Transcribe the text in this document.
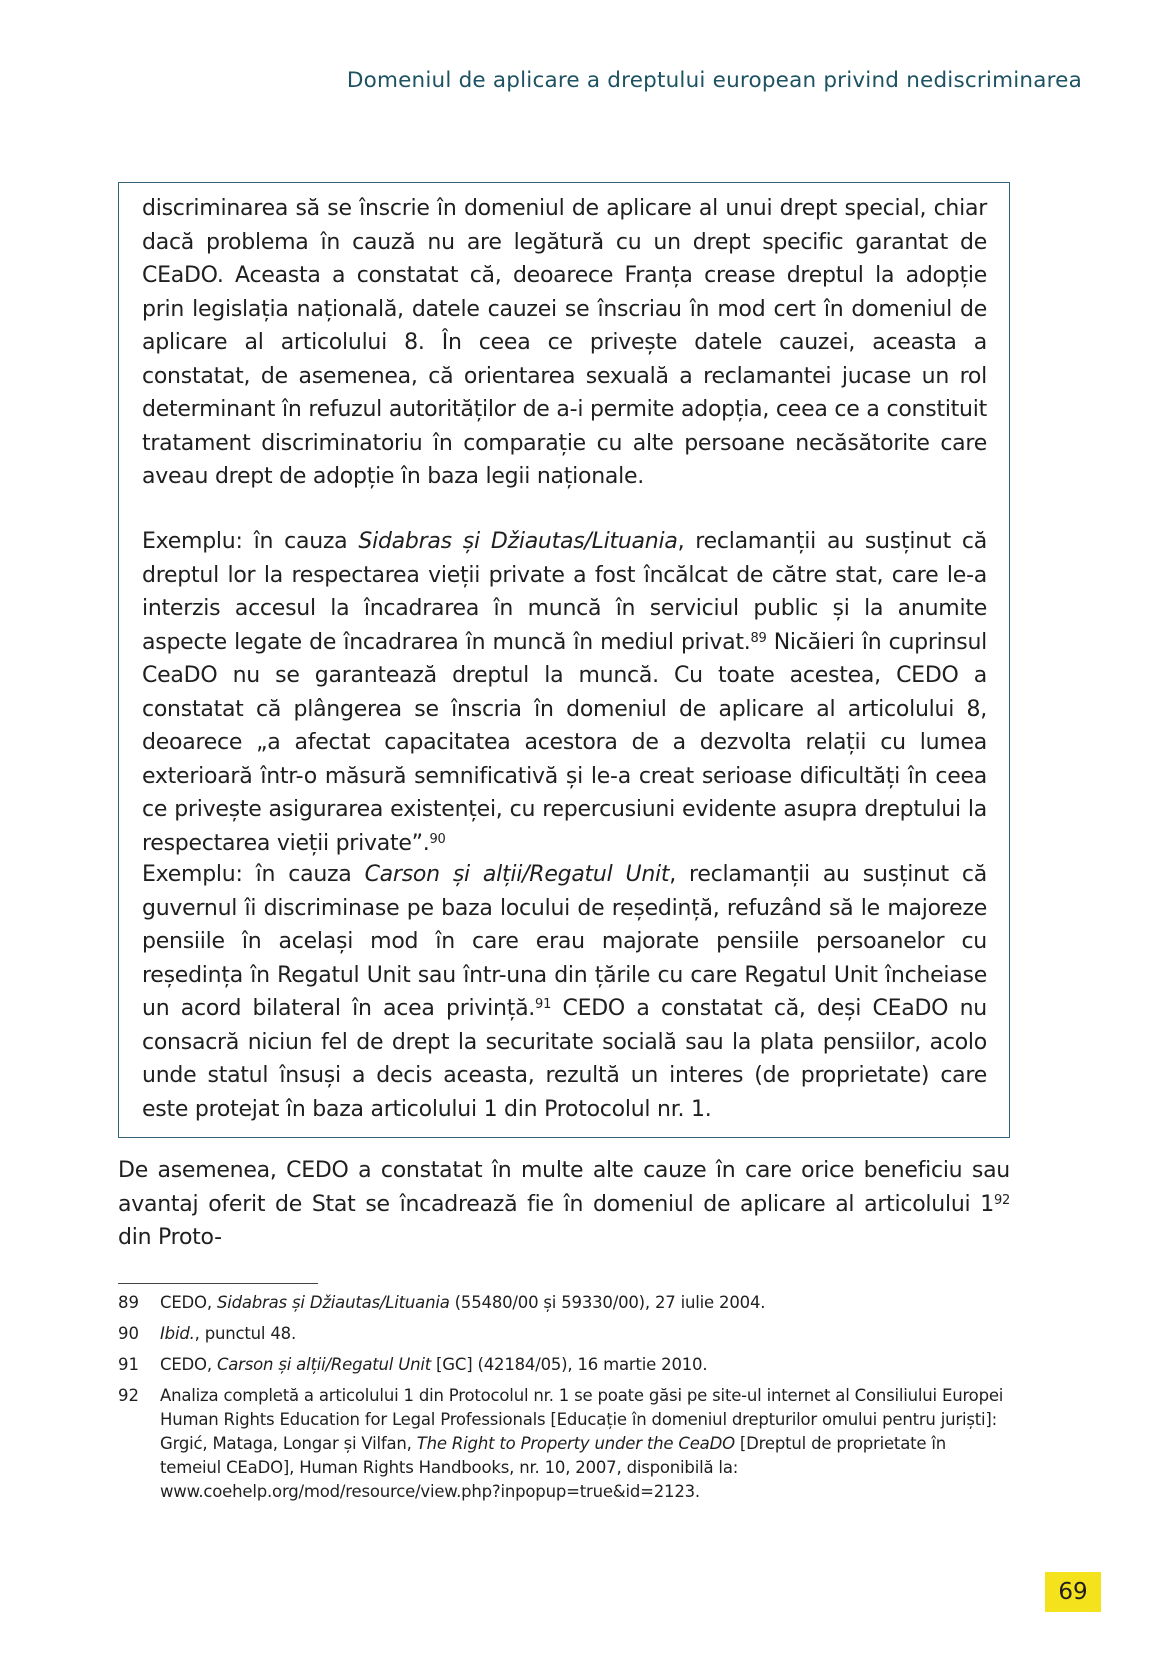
Domeniul de aplicare a dreptului european privind nediscriminarea

discriminarea să se înscrie în domeniul de aplicare al unui drept special, chiar dacă problema în cauză nu are legătură cu un drept specific garantat de CEaDO. Aceasta a constatat că, deoarece Franța crease dreptul la adopție prin legislația națională, datele cauzei se înscriau în mod cert în domeniul de aplicare al articolului 8. În ceea ce privește datele cauzei, aceasta a constatat, de asemenea, că orientarea sexuală a reclamantei jucase un rol determinant în refuzul autorităților de a-i permite adopția, ceea ce a constituit tratament discriminatoriu în comparație cu alte persoane necăsătorite care aveau drept de adopție în baza legii naționale.

Exemplu: în cauza Sidabras și Džiautas/Lituania, reclamanții au susținut că dreptul lor la respectarea vieții private a fost încălcat de către stat, care le-a interzis accesul la încadrarea în muncă în serviciul public și la anumite aspecte legate de încadrarea în muncă în mediul privat.$^{89}$ Nicăieri în cuprinsul CeaDO nu se garantează dreptul la muncă. Cu toate acestea, CEDO a constatat că plângerea se înscria în domeniul de aplicare al articolului 8, deoarece „a afectat capacitatea acestora de a dezvolta relații cu lumea exterioară într-o măsură semnificativă și le-a creat serioase dificultăți în ceea ce privește asigurarea existenței, cu repercusiuni evidente asupra dreptului la respectarea vieții private”.$^{90}$

Exemplu: în cauza Carson și alții/Regatul Unit, reclamanții au susținut că guvernul îi discriminase pe baza locului de reședință, refuzând să le majoreze pensiile în același mod în care erau majorate pensiile persoanelor cu reședința în Regatul Unit sau într-una din țările cu care Regatul Unit încheiase un acord bilateral în acea privință.$^{91}$ CEDO a constatat că, deși CEaDO nu consacră niciun fel de drept la securitate socială sau la plata pensiilor, acolo unde statul însuși a decis aceasta, rezultă un interes (de proprietate) care este protejat în baza articolului 1 din Protocolul nr. 1.

De asemenea, CEDO a constatat în multe alte cauze în care orice beneficiu sau avantaj oferit de Stat se încadrează fie în domeniul de aplicare al articolului $1^{92}$ din Proto-

89	CEDO, Sidabras și Džiautas/Lituania (55480/00 și 59330/00), 27 iulie 2004.
90	Ibid., punctul 48.
91	CEDO, Carson și alții/Regatul Unit [GC] (42184/05), 16 martie 2010.
92	Analiza completă a articolului 1 din Protocolul nr. 1 se poate găsi pe site-ul internet al Consiliului Europei Human Rights Education for Legal Professionals [Educație în domeniul drepturilor omului pentru juriști]: Grgić, Mataga, Longar și Vilfan, The Right to Property under the CeaDO [Dreptul de proprietate în temeiul CEaDO], Human Rights Handbooks, nr. 10, 2007, disponibilă la: www.coehelp.org/mod/resource/view.php?inpopup=true&id=2123.
69
